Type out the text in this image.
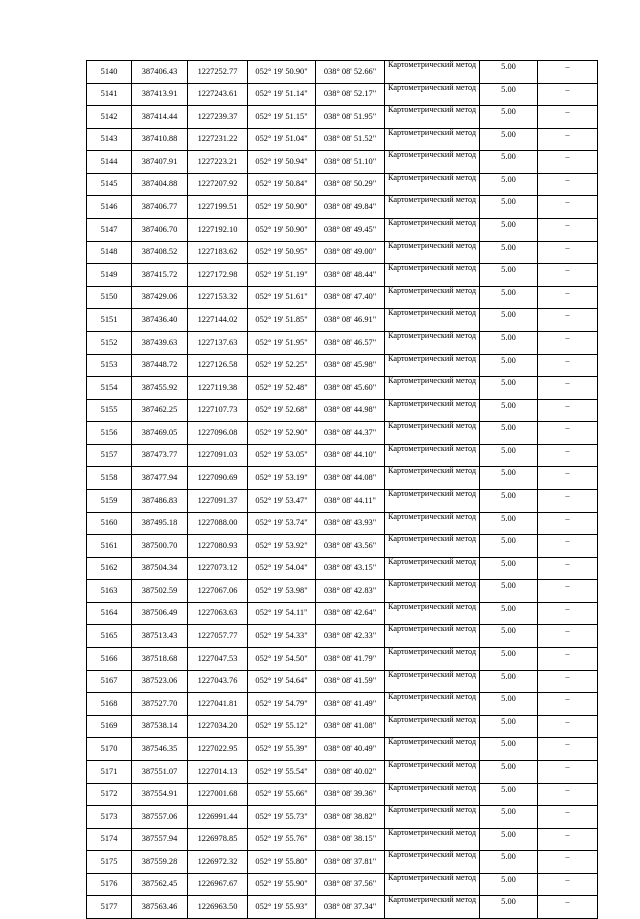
5140	387406.43	1227252.77	052° 19' 50.90"	038° 08' 52.66"	Картометрический метод	5.00	–
5141	387413.91	1227243.61	052° 19' 51.14"	038° 08' 52.17"	Картометрический метод	5.00	–
5142	387414.44	1227239.37	052° 19' 51.15"	038° 08' 51.95"	Картометрический метод	5.00	–
5143	387410.88	1227231.22	052° 19' 51.04"	038° 08' 51.52"	Картометрический метод	5.00	–
5144	387407.91	1227223.21	052° 19' 50.94"	038° 08' 51.10"	Картометрический метод	5.00	–
5145	387404.88	1227207.92	052° 19' 50.84"	038° 08' 50.29"	Картометрический метод	5.00	–
5146	387406.77	1227199.51	052° 19' 50.90"	038° 08' 49.84"	Картометрический метод	5.00	–
5147	387406.70	1227192.10	052° 19' 50.90"	038° 08' 49.45"	Картометрический метод	5.00	–
5148	387408.52	1227183.62	052° 19' 50.95"	038° 08' 49.00"	Картометрический метод	5.00	–
5149	387415.72	1227172.98	052° 19' 51.19"	038° 08' 48.44"	Картометрический метод	5.00	–
5150	387429.06	1227153.32	052° 19' 51.61"	038° 08' 47.40"	Картометрический метод	5.00	–
5151	387436.40	1227144.02	052° 19' 51.85"	038° 08' 46.91"	Картометрический метод	5.00	–
5152	387439.63	1227137.63	052° 19' 51.95"	038° 08' 46.57"	Картометрический метод	5.00	–
5153	387448.72	1227126.58	052° 19' 52.25"	038° 08' 45.98"	Картометрический метод	5.00	–
5154	387455.92	1227119.38	052° 19' 52.48"	038° 08' 45.60"	Картометрический метод	5.00	–
5155	387462.25	1227107.73	052° 19' 52.68"	038° 08' 44.98"	Картометрический метод	5.00	–
5156	387469.05	1227096.08	052° 19' 52.90"	038° 08' 44.37"	Картометрический метод	5.00	–
5157	387473.77	1227091.03	052° 19' 53.05"	038° 08' 44.10"	Картометрический метод	5.00	–
5158	387477.94	1227090.69	052° 19' 53.19"	038° 08' 44.08"	Картометрический метод	5.00	–
5159	387486.83	1227091.37	052° 19' 53.47"	038° 08' 44.11"	Картометрический метод	5.00	–
5160	387495.18	1227088.00	052° 19' 53.74"	038° 08' 43.93"	Картометрический метод	5.00	–
5161	387500.70	1227080.93	052° 19' 53.92"	038° 08' 43.56"	Картометрический метод	5.00	–
5162	387504.34	1227073.12	052° 19' 54.04"	038° 08' 43.15"	Картометрический метод	5.00	–
5163	387502.59	1227067.06	052° 19' 53.98"	038° 08' 42.83"	Картометрический метод	5.00	–
5164	387506.49	1227063.63	052° 19' 54.11"	038° 08' 42.64"	Картометрический метод	5.00	–
5165	387513.43	1227057.77	052° 19' 54.33"	038° 08' 42.33"	Картометрический метод	5.00	–
5166	387518.68	1227047.53	052° 19' 54.50"	038° 08' 41.79"	Картометрический метод	5.00	–
5167	387523.06	1227043.76	052° 19' 54.64"	038° 08' 41.59"	Картометрический метод	5.00	–
5168	387527.70	1227041.81	052° 19' 54.79"	038° 08' 41.49"	Картометрический метод	5.00	–
5169	387538.14	1227034.20	052° 19' 55.12"	038° 08' 41.08"	Картометрический метод	5.00	–
5170	387546.35	1227022.95	052° 19' 55.39"	038° 08' 40.49"	Картометрический метод	5.00	–
5171	387551.07	1227014.13	052° 19' 55.54"	038° 08' 40.02"	Картометрический метод	5.00	–
5172	387554.91	1227001.68	052° 19' 55.66"	038° 08' 39.36"	Картометрический метод	5.00	–
5173	387557.06	1226991.44	052° 19' 55.73"	038° 08' 38.82"	Картометрический метод	5.00	–
5174	387557.94	1226978.85	052° 19' 55.76"	038° 08' 38.15"	Картометрический метод	5.00	–
5175	387559.28	1226972.32	052° 19' 55.80"	038° 08' 37.81"	Картометрический метод	5.00	–
5176	387562.45	1226967.67	052° 19' 55.90"	038° 08' 37.56"	Картометрический метод	5.00	–
5177	387563.46	1226963.50	052° 19' 55.93"	038° 08' 37.34"	Картометрический метод	5.00	–
